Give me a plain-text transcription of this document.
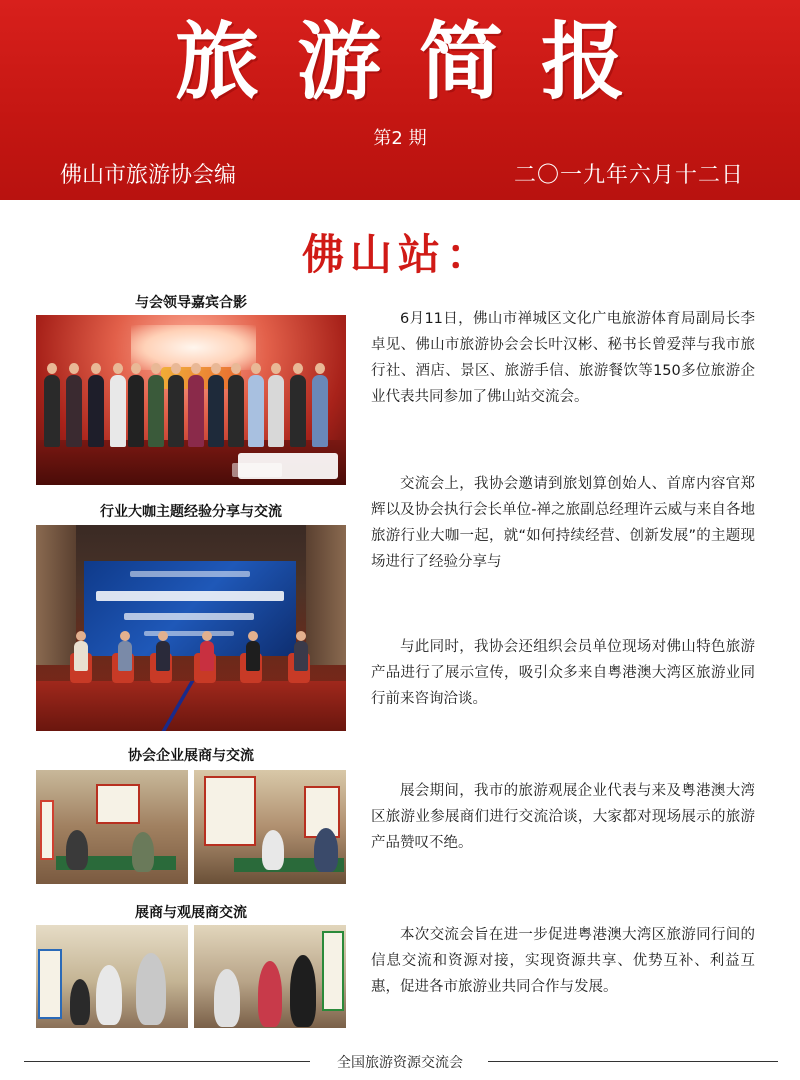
旅游简报
第2 期
佛山市旅游协会编	二〇一九年六月十二日
佛山站：
与会领导嘉宾合影
行业大咖主题经验分享与交流
协会企业展商与交流
展商与观展商交流
6月11日，佛山市禅城区文化广电旅游体育局副局长李卓见、佛山市旅游协会会长叶汉彬、秘书长曾爱萍与我市旅行社、酒店、景区、旅游手信、旅游餐饮等150多位旅游企业代表共同参加了佛山站交流会。
交流会上，我协会邀请到旅划算创始人、首席内容官郑辉以及协会执行会长单位-禅之旅副总经理许云威与来自各地旅游行业大咖一起，就“如何持续经营、创新发展”的主题现场进行了经验分享与
与此同时，我协会还组织会员单位现场对佛山特色旅游产品进行了展示宣传，吸引众多来自粤港澳大湾区旅游业同行前来咨询洽谈。
展会期间，我市的旅游观展企业代表与来及粤港澳大湾区旅游业参展商们进行交流洽谈，大家都对现场展示的旅游产品赞叹不绝。
本次交流会旨在进一步促进粤港澳大湾区旅游同行间的信息交流和资源对接，实现资源共享、优势互补、利益互惠，促进各市旅游业共同合作与发展。
全国旅游资源交流会
